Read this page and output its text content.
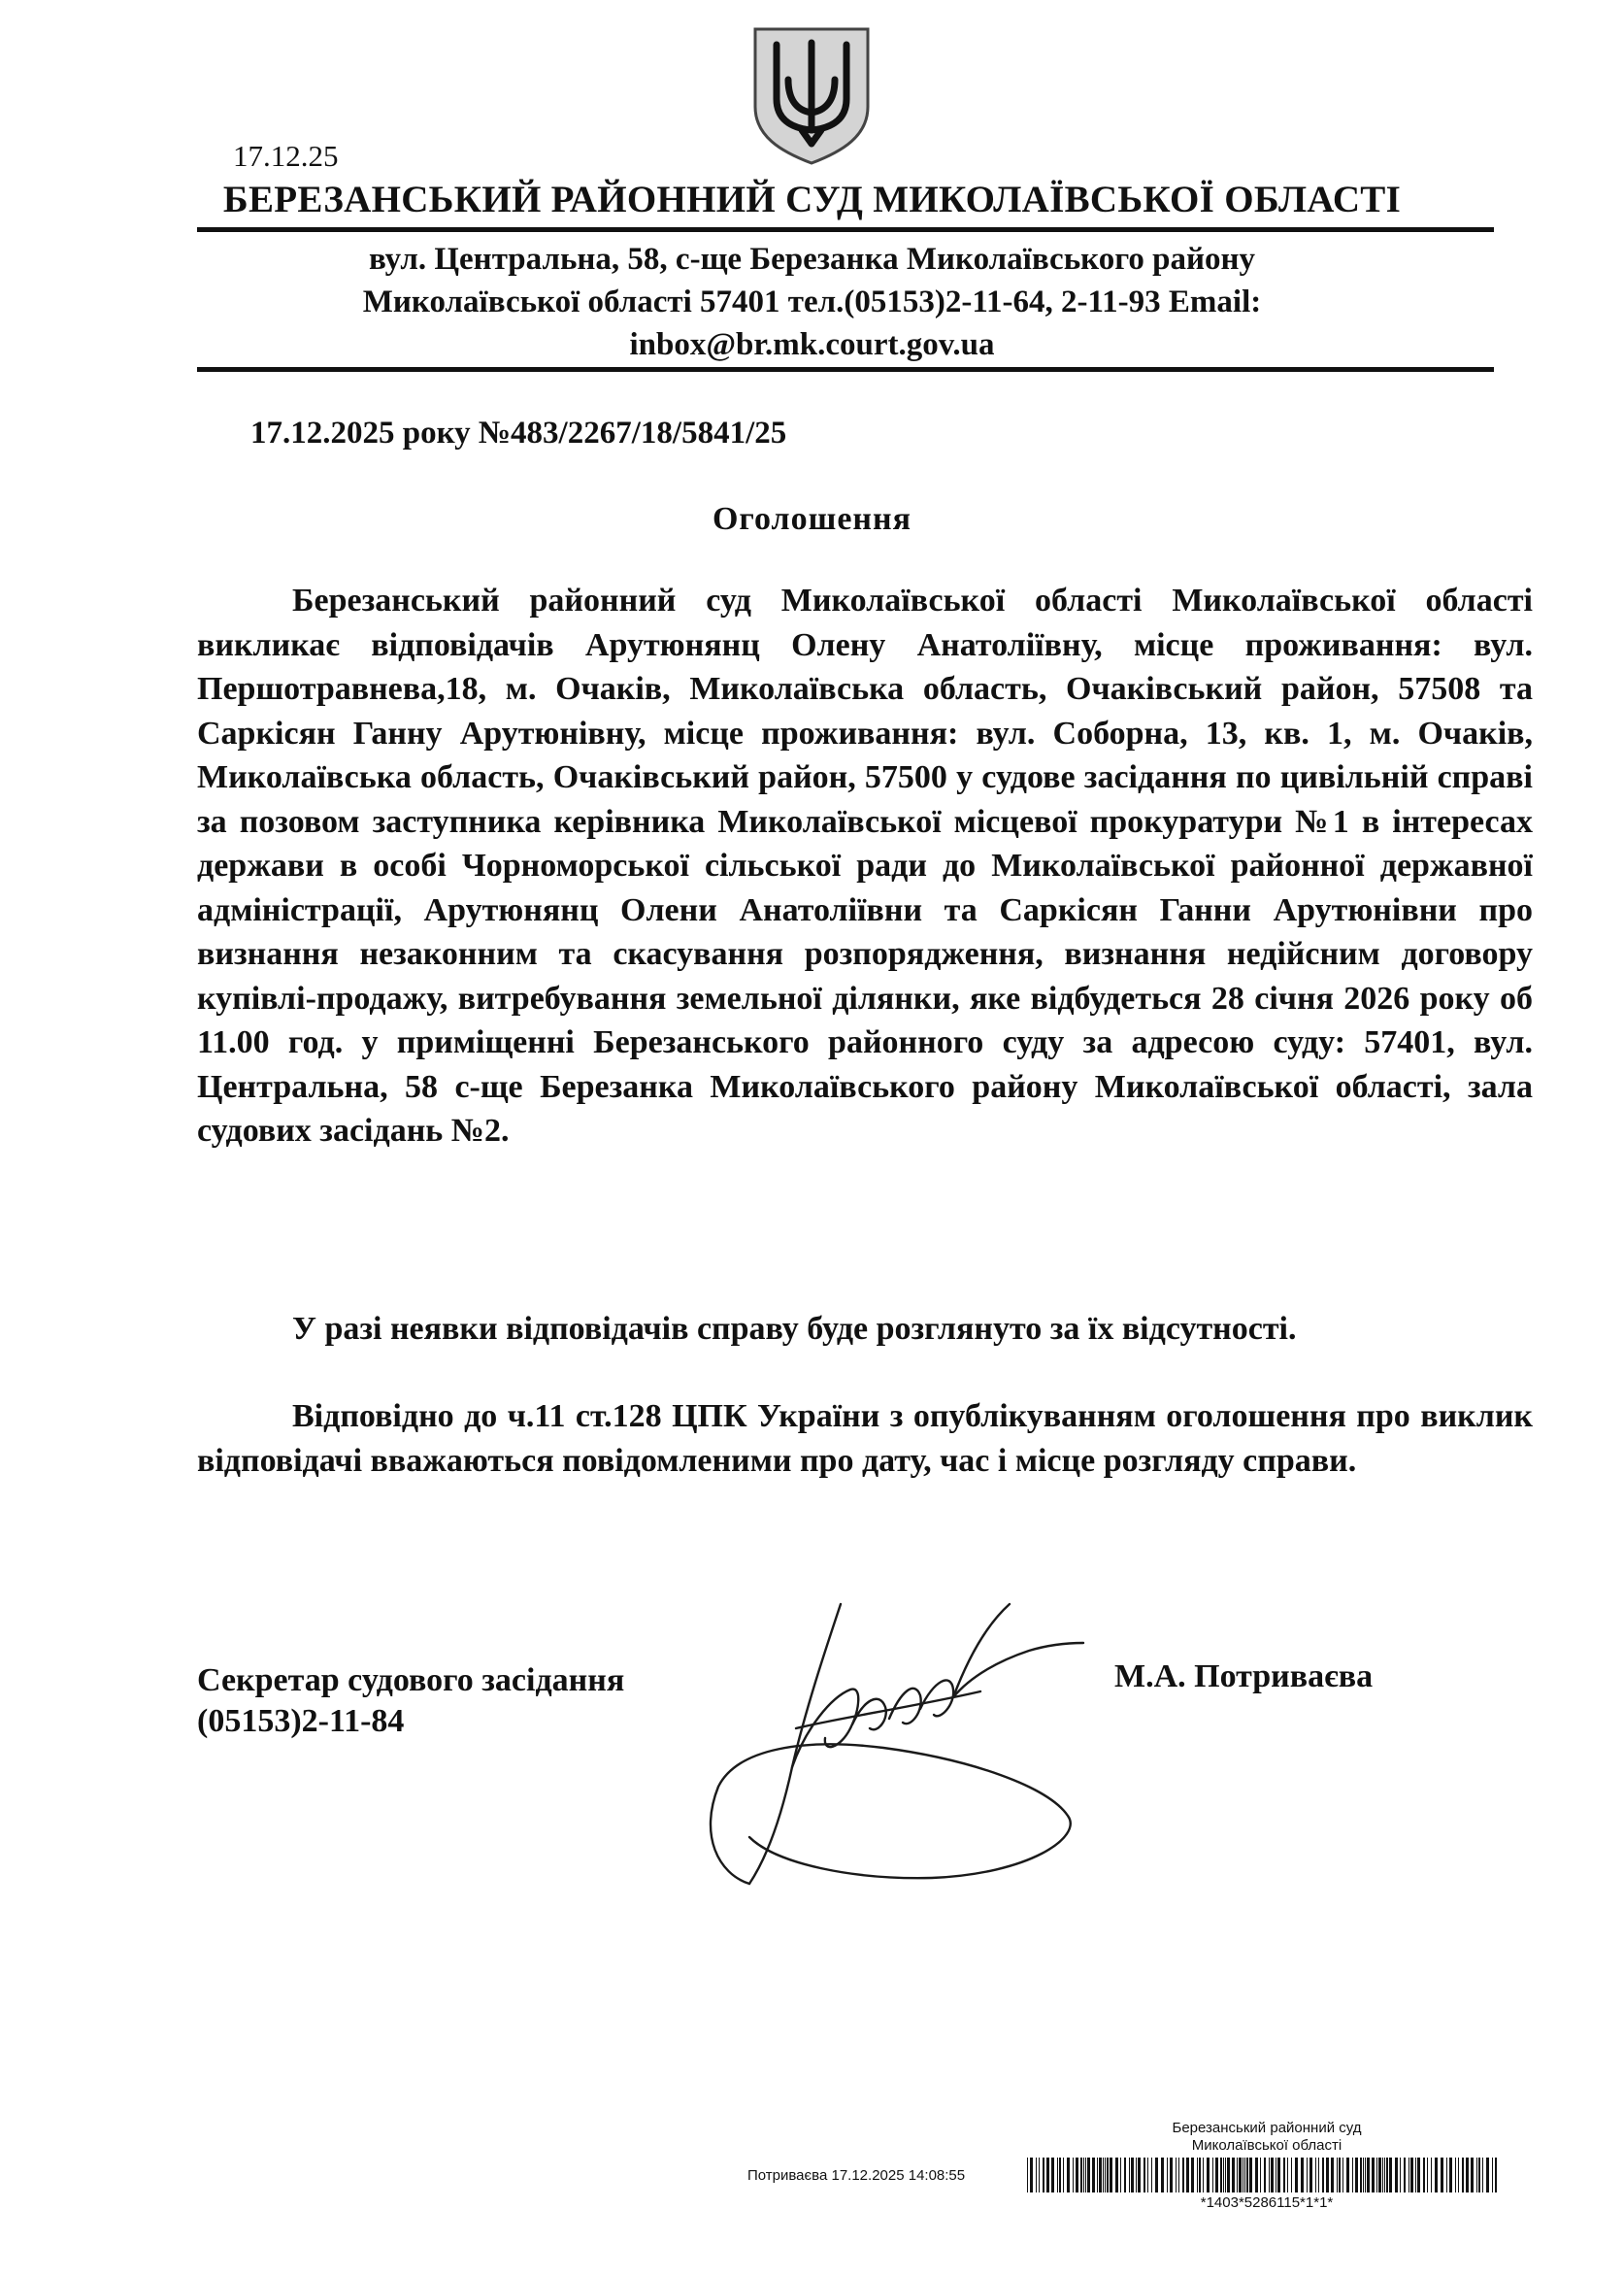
17.12.25
БЕРЕЗАНСЬКИЙ РАЙОННИЙ СУД МИКОЛАЇВСЬКОЇ ОБЛАСТІ
вул. Центральна, 58, с-ще Березанка Миколаївського району
Миколаївської області 57401 тел.(05153)2-11-64, 2-11-93 Email:
inbox@br.mk.court.gov.ua
17.12.2025 року №483/2267/18/5841/25
Оголошення
Березанський районний суд Миколаївської області Миколаївської області викликає відповідачів Арутюнянц Олену Анатоліївну, місце проживання: вул. Першотравнева,18, м. Очаків, Миколаївська область, Очаківський район, 57508 та Саркісян Ганну Арутюнівну, місце проживання: вул. Соборна, 13, кв. 1, м. Очаків, Миколаївська область, Очаківський район, 57500 у судове засідання по цивільній справі за позовом заступника керівника Миколаївської місцевої прокуратури №1 в інтересах держави в особі Чорноморської сільської ради до Миколаївської районної державної адміністрації, Арутюнянц Олени Анатоліївни та Саркісян Ганни Арутюнівни про визнання незаконним та скасування розпорядження, визнання недійсним договору купівлі-продажу, витребування земельної ділянки, яке відбудеться 28 січня 2026 року об 11.00 год. у приміщенні Березанського районного суду за адресою суду: 57401, вул. Центральна, 58 с-ще Березанка Миколаївського району Миколаївської області, зала судових засідань №2.
У разі неявки відповідачів справу буде розглянуто за їх відсутності.
Відповідно до ч.11 ст.128 ЦПК України з опублікуванням оголошення про виклик відповідачі вважаються повідомленими про дату, час і місце розгляду справи.
Секретар судового засідання
(05153)2-11-84
М.А. Потриваєва
Березанський районний суд
Миколаївської області
Потриваєва 17.12.2025 14:08:55
*1403*5286115*1*1*
